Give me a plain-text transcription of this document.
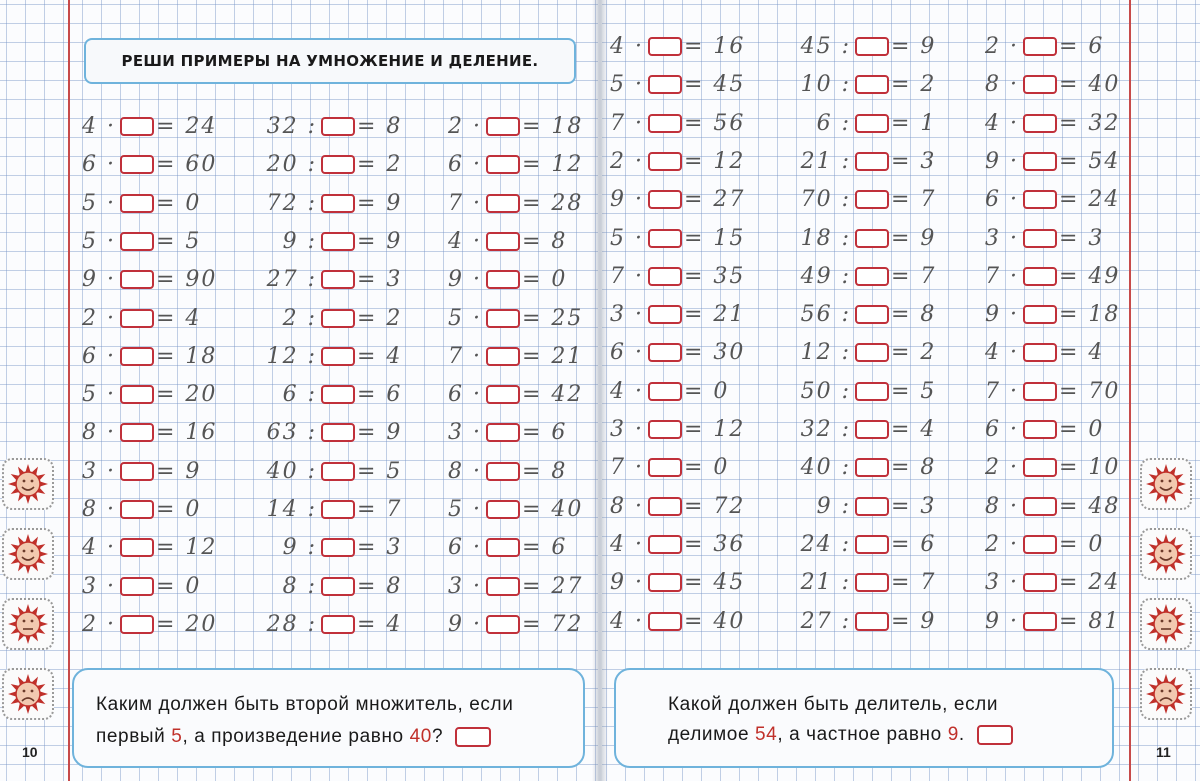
РЕШИ ПРИМЕРЫ НА УМНОЖЕНИЕ И ДЕЛЕНИЕ.
4 · = 24
6 · = 60
5 · = 0
5 · = 5
9 · = 90
2 · = 4
6 · = 18
5 · = 20
8 · = 16
3 · = 9
8 · = 0
4 · = 12
3 · = 0
2 · = 20
32 : = 8
20 : = 2
72 : = 9
9 : = 9
27 : = 3
2 : = 2
12 : = 4
6 : = 6
63 : = 9
40 : = 5
14 : = 7
9 : = 3
8 : = 8
28 : = 4
2 · = 18
6 · = 12
7 · = 28
4 · = 8
9 · = 0
5 · = 25
7 · = 21
6 · = 42
3 · = 6
8 · = 8
5 · = 40
6 · = 6
3 · = 27
9 · = 72
4 · = 16
5 · = 45
7 · = 56
2 · = 12
9 · = 27
5 · = 15
7 · = 35
3 · = 21
6 · = 30
4 · = 0
3 · = 12
7 · = 0
8 · = 72
4 · = 36
9 · = 45
4 · = 40
45 : = 9
10 : = 2
6 : = 1
21 : = 3
70 : = 7
18 : = 9
49 : = 7
56 : = 8
12 : = 2
50 : = 5
32 : = 4
40 : = 8
9 : = 3
24 : = 6
21 : = 7
27 : = 9
2 · = 6
8 · = 40
4 · = 32
9 · = 54
6 · = 24
3 · = 3
7 · = 49
9 · = 18
4 · = 4
7 · = 70
6 · = 0
2 · = 10
8 · = 48
2 · = 0
3 · = 24
9 · = 81
Каким должен быть второй множитель, если
первый 5, а произведение равно 40?
Какой должен быть делитель, если
делимое 54, а частное равно 9.
10	11
